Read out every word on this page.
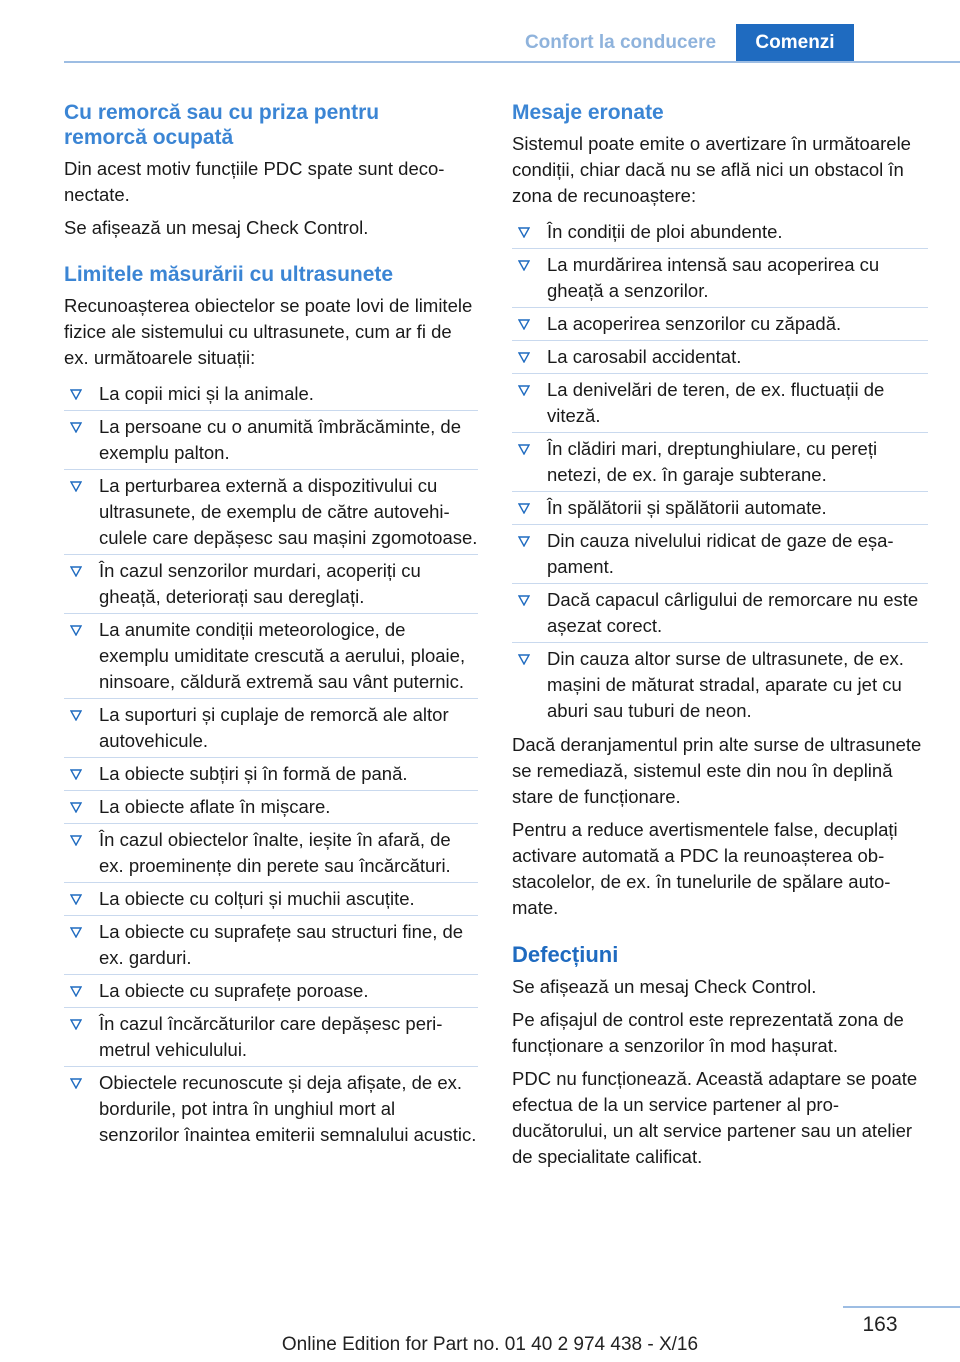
Confort la conducere	Comenzi
Cu remorcă sau cu priza pentru
remorcă ocupată

Din acest motiv funcțiile PDC spate sunt deconectate.

Se afișează un mesaj Check Control.

Limitele măsurării cu ultrasunete

Recunoașterea obiectelor se poate lovi de limitele fizice ale sistemului cu ultrasunete, cum ar fi de ex. următoarele situații:

La copii mici și la animale.
La persoane cu o anumită îmbrăcăminte, de exemplu palton.
La perturbarea externă a dispozitivului cu ultrasunete, de exemplu de către autovehiculele care depășesc sau mașini zgomotoase.
În cazul senzorilor murdari, acoperiți cu gheață, deteriorați sau dereglați.
La anumite condiții meteorologice, de exemplu umiditate crescută a aerului, ploaie, ninsoare, căldură extremă sau vânt puternic.
La suporturi și cuplaje de remorcă ale altor autovehicule.
La obiecte subțiri și în formă de pană.
La obiecte aflate în mișcare.
În cazul obiectelor înalte, ieșite în afară, de ex. proeminențe din perete sau încărcături.
La obiecte cu colțuri și muchii ascuțite.
La obiecte cu suprafețe sau structuri fine, de ex. garduri.
La obiecte cu suprafețe poroase.
În cazul încărcăturilor care depășesc perimetrul vehiculului.
Obiectele recunoscute și deja afișate, de ex. bordurile, pot intra în unghiul mort al senzorilor înaintea emiterii semnalului acustic.
Mesaje eronate

Sistemul poate emite o avertizare în următoarele condiții, chiar dacă nu se află nici un obstacol în zona de recunoaștere:

În condiții de ploi abundente.
La murdărirea intensă sau acoperirea cu gheață a senzorilor.
La acoperirea senzorilor cu zăpadă.
La carosabil accidentat.
La denivelări de teren, de ex. fluctuații de viteză.
În clădiri mari, dreptunghiulare, cu pereți netezi, de ex. în garaje subterane.
În spălătorii și spălătorii automate.
Din cauza nivelului ridicat de gaze de eșapament.
Dacă capacul cârligului de remorcare nu este așezat corect.
Din cauza altor surse de ultrasunete, de ex. mașini de măturat stradal, aparate cu jet cu aburi sau tuburi de neon.

Dacă deranjamentul prin alte surse de ultrasunete se remediază, sistemul este din nou în deplină stare de funcționare.

Pentru a reduce avertismentele false, decuplați activare automată a PDC la reunoașterea obstacolelor, de ex. în tunelurile de spălare automate.

Defecțiuni

Se afișează un mesaj Check Control.

Pe afișajul de control este reprezentată zona de funcționare a senzorilor în mod hașurat.

PDC nu funcționează. Această adaptare se poate efectua de la un service partener al producătorului, un alt service partener sau un atelier de specialitate calificat.

163
Online Edition for Part no. 01 40 2 974 438 - X/16
